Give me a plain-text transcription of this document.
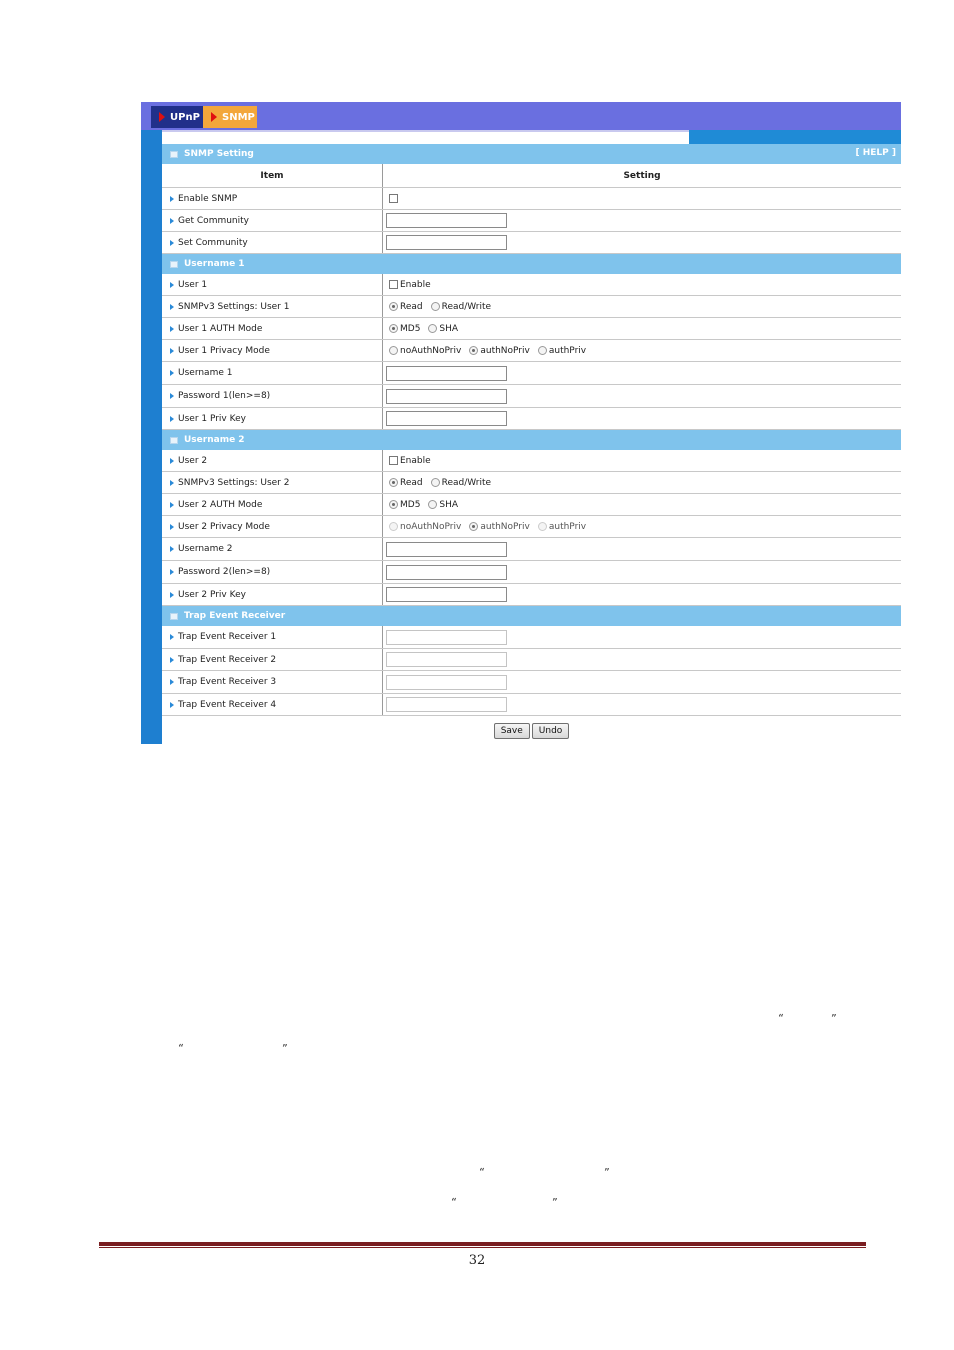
UPnP SNMP
SNMP Setting	[ HELP ]
Item	Setting
Enable SNMP
Get Community
Set Community
Username 1
User 1	Enable
SNMPv3 Settings: User 1	Read Read/Write
User 1 AUTH Mode	MD5 SHA
User 1 Privacy Mode	noAuthNoPriv authNoPriv authPriv
Username 1
Password 1(len>=8)
User 1 Priv Key
Username 2
User 2	Enable
SNMPv3 Settings: User 2	Read Read/Write
User 2 AUTH Mode	MD5 SHA
User 2 Privacy Mode	noAuthNoPriv authNoPriv authPriv
Username 2
Password 2(len>=8)
User 2 Priv Key
Trap Event Receiver
Trap Event Receiver 1
Trap Event Receiver 2
Trap Event Receiver 3
Trap Event Receiver 4
Save	Undo
“	”
“	”
“	”
“	”
32
